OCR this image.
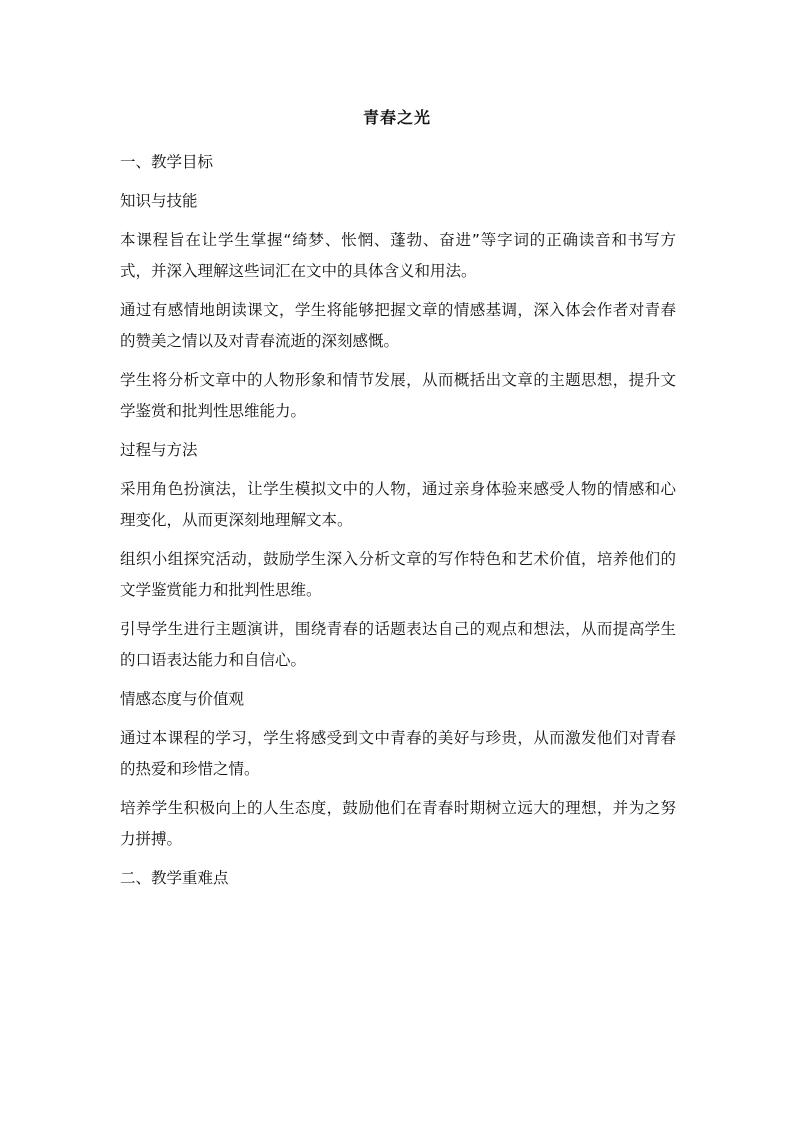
青春之光
一、教学目标
知识与技能
本课程旨在让学生掌握“绮梦、怅惘、蓬勃、奋进”等字词的正确读音和书写方式，并深入理解这些词汇在文中的具体含义和用法。
通过有感情地朗读课文，学生将能够把握文章的情感基调，深入体会作者对青春的赞美之情以及对青春流逝的深刻感慨。
学生将分析文章中的人物形象和情节发展，从而概括出文章的主题思想，提升文学鉴赏和批判性思维能力。
过程与方法
采用角色扮演法，让学生模拟文中的人物，通过亲身体验来感受人物的情感和心理变化，从而更深刻地理解文本。
组织小组探究活动，鼓励学生深入分析文章的写作特色和艺术价值，培养他们的文学鉴赏能力和批判性思维。
引导学生进行主题演讲，围绕青春的话题表达自己的观点和想法，从而提高学生的口语表达能力和自信心。
情感态度与价值观
通过本课程的学习，学生将感受到文中青春的美好与珍贵，从而激发他们对青春的热爱和珍惜之情。
培养学生积极向上的人生态度，鼓励他们在青春时期树立远大的理想，并为之努力拼搏。
二、教学重难点
